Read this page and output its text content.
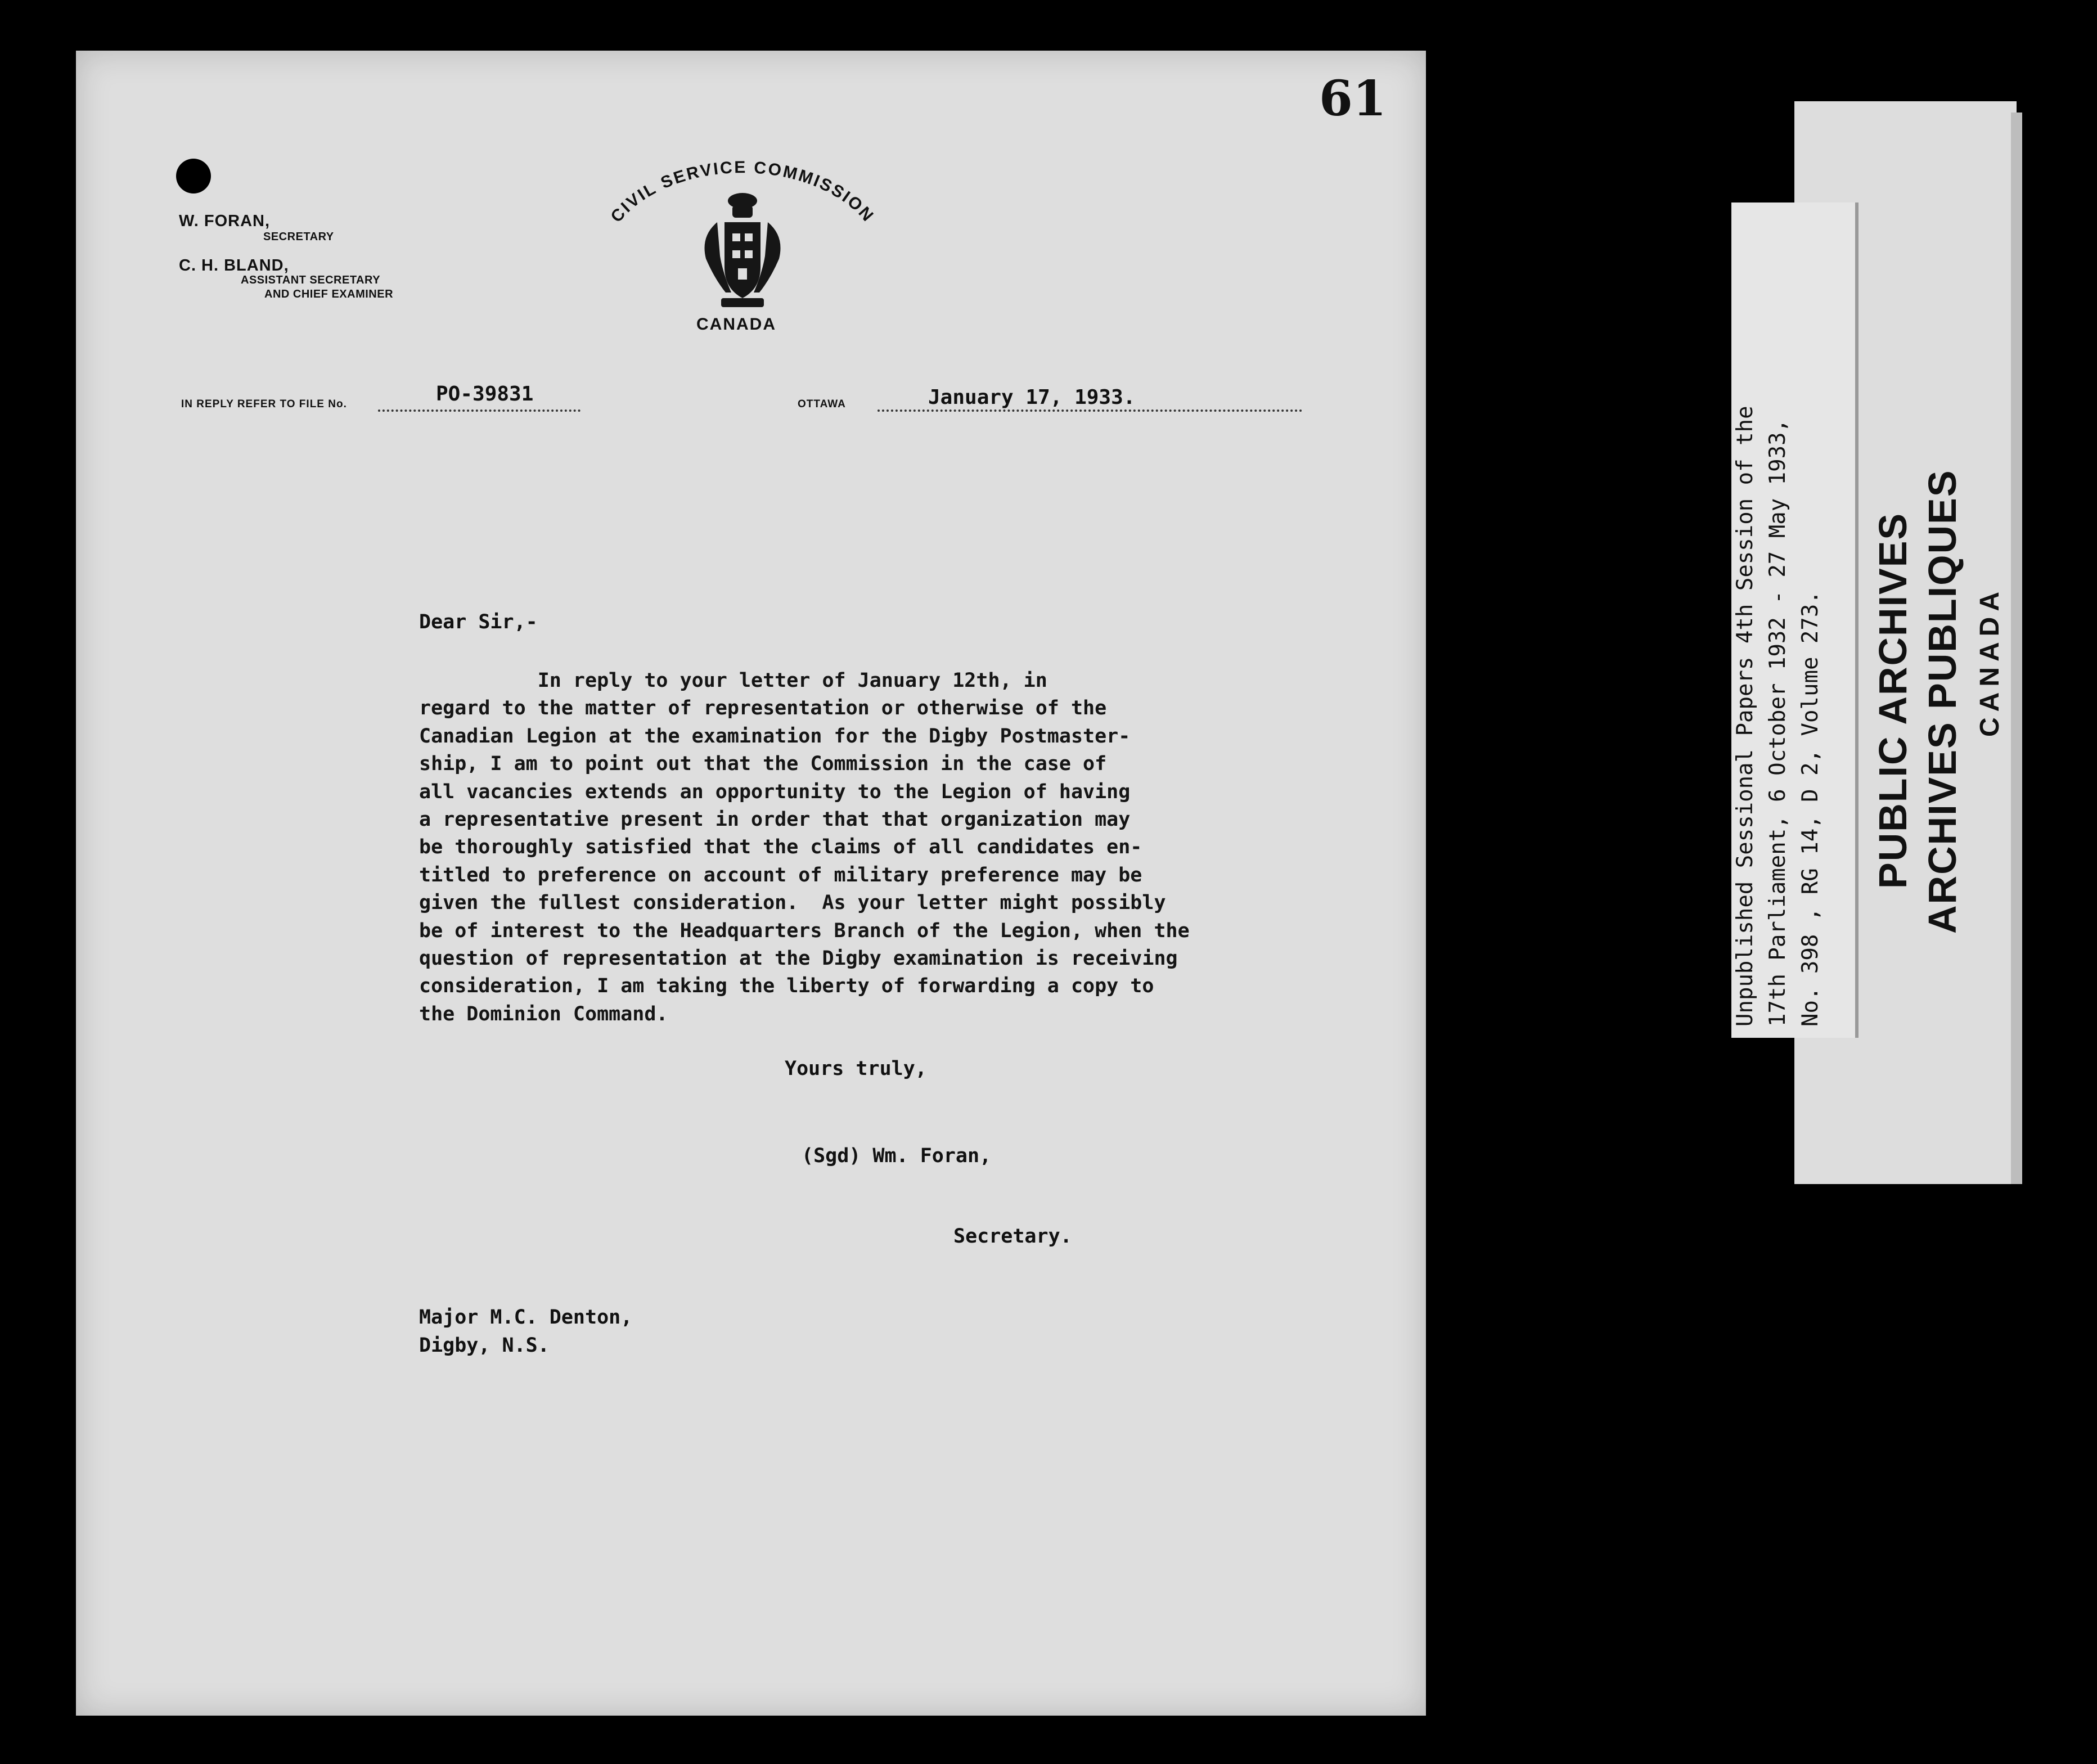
61
W. FORAN,
SECRETARY
C. H. BLAND,
ASSISTANT SECRETARY
AND CHIEF EXAMINER
CIVIL SERVICE COMMISSION
CANADA
IN REPLY REFER TO FILE No.	PO-39831	OTTAWA	January 17, 1933.
Dear Sir,-
In reply to your letter of January 12th, in
regard to the matter of representation or otherwise of the
Canadian Legion at the examination for the Digby Postmaster-
ship, I am to point out that the Commission in the case of
all vacancies extends an opportunity to the Legion of having
a representative present in order that that organization may
be thoroughly satisfied that the claims of all candidates en-
titled to preference on account of military preference may be
given the fullest consideration.  As your letter might possibly
be of interest to the Headquarters Branch of the Legion, when the
question of representation at the Digby examination is receiving
consideration, I am taking the liberty of forwarding a copy to
the Dominion Command.
Yours truly,
(Sgd) Wm. Foran,
Secretary.
Major M.C. Denton,
Digby, N.S.
PUBLIC ARCHIVES ARCHIVES PUBLIQUES CANADA
Unpublished Sessional Papers 4th Session of the 17th Parliament, 6 October 1932 - 27 May 1933, No. 398 , RG 14, D 2, Volume 273.
